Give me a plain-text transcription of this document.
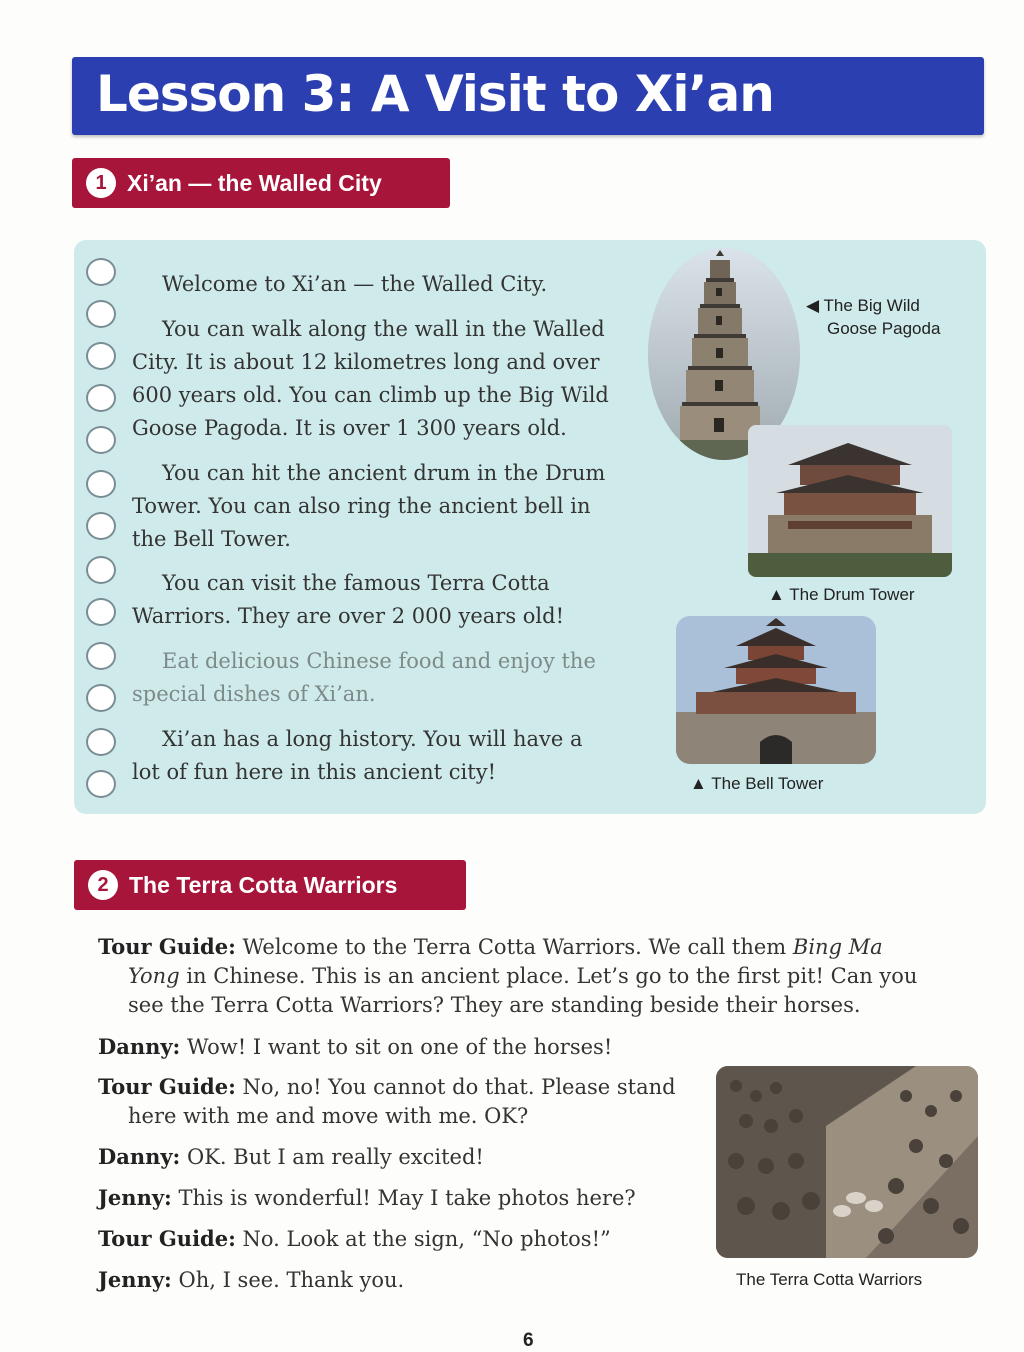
Lesson 3: A Visit to Xi’an
1 Xi’an — the Walled City
Welcome to Xi’an — the Walled City.
You can walk along the wall in the Walled
City. It is about 12 kilometres long and over
600 years old. You can climb up the Big Wild
Goose Pagoda. It is over 1 300 years old.
You can hit the ancient drum in the Drum
Tower. You can also ring the ancient bell in
the Bell Tower.
You can visit the famous Terra Cotta
Warriors. They are over 2 000 years old!
Eat delicious Chinese food and enjoy the
special dishes of Xi’an.
Xi’an has a long history. You will have a
lot of fun here in this ancient city!
◀ The Big Wild
Goose Pagoda
▲ The Drum Tower
▲ The Bell Tower
2 The Terra Cotta Warriors
Tour Guide: Welcome to the Terra Cotta Warriors. We call them Bing Ma
Yong in Chinese. This is an ancient place. Let’s go to the first pit! Can you
see the Terra Cotta Warriors? They are standing beside their horses.
Danny: Wow! I want to sit on one of the horses!
Tour Guide: No, no! You cannot do that. Please stand
here with me and move with me. OK?
Danny: OK. But I am really excited!
Jenny: This is wonderful! May I take photos here?
Tour Guide: No. Look at the sign, “No photos!”
Jenny: Oh, I see. Thank you.	The Terra Cotta Warriors
6
